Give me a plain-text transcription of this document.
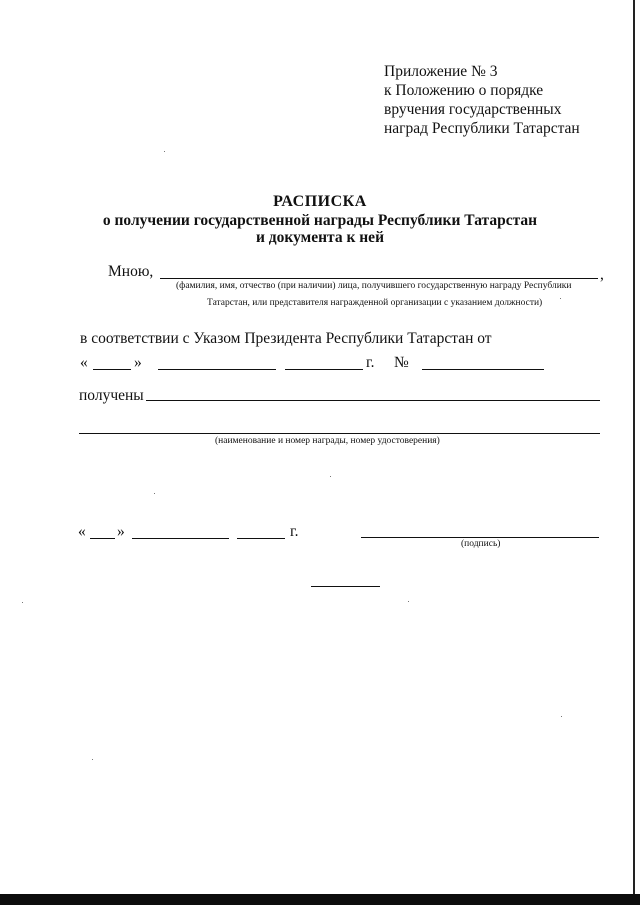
Приложение № 3
к Положению о порядке
вручения государственных
наград Республики Татарстан
РАСПИСКА
о получении государственной награды Республики Татарстан
и документа к ней
Мною,	,
(фамилия, имя, отчество (при наличии) лица, получившего государственную награду Республики
Татарстан, или представителя награжденной организации с указанием должности)
в соответствии с Указом Президента Республики Татарстан от
«	»	г. №
получены
(наименование и номер награды, номер удостоверения)
« »	г.
(подпись)
